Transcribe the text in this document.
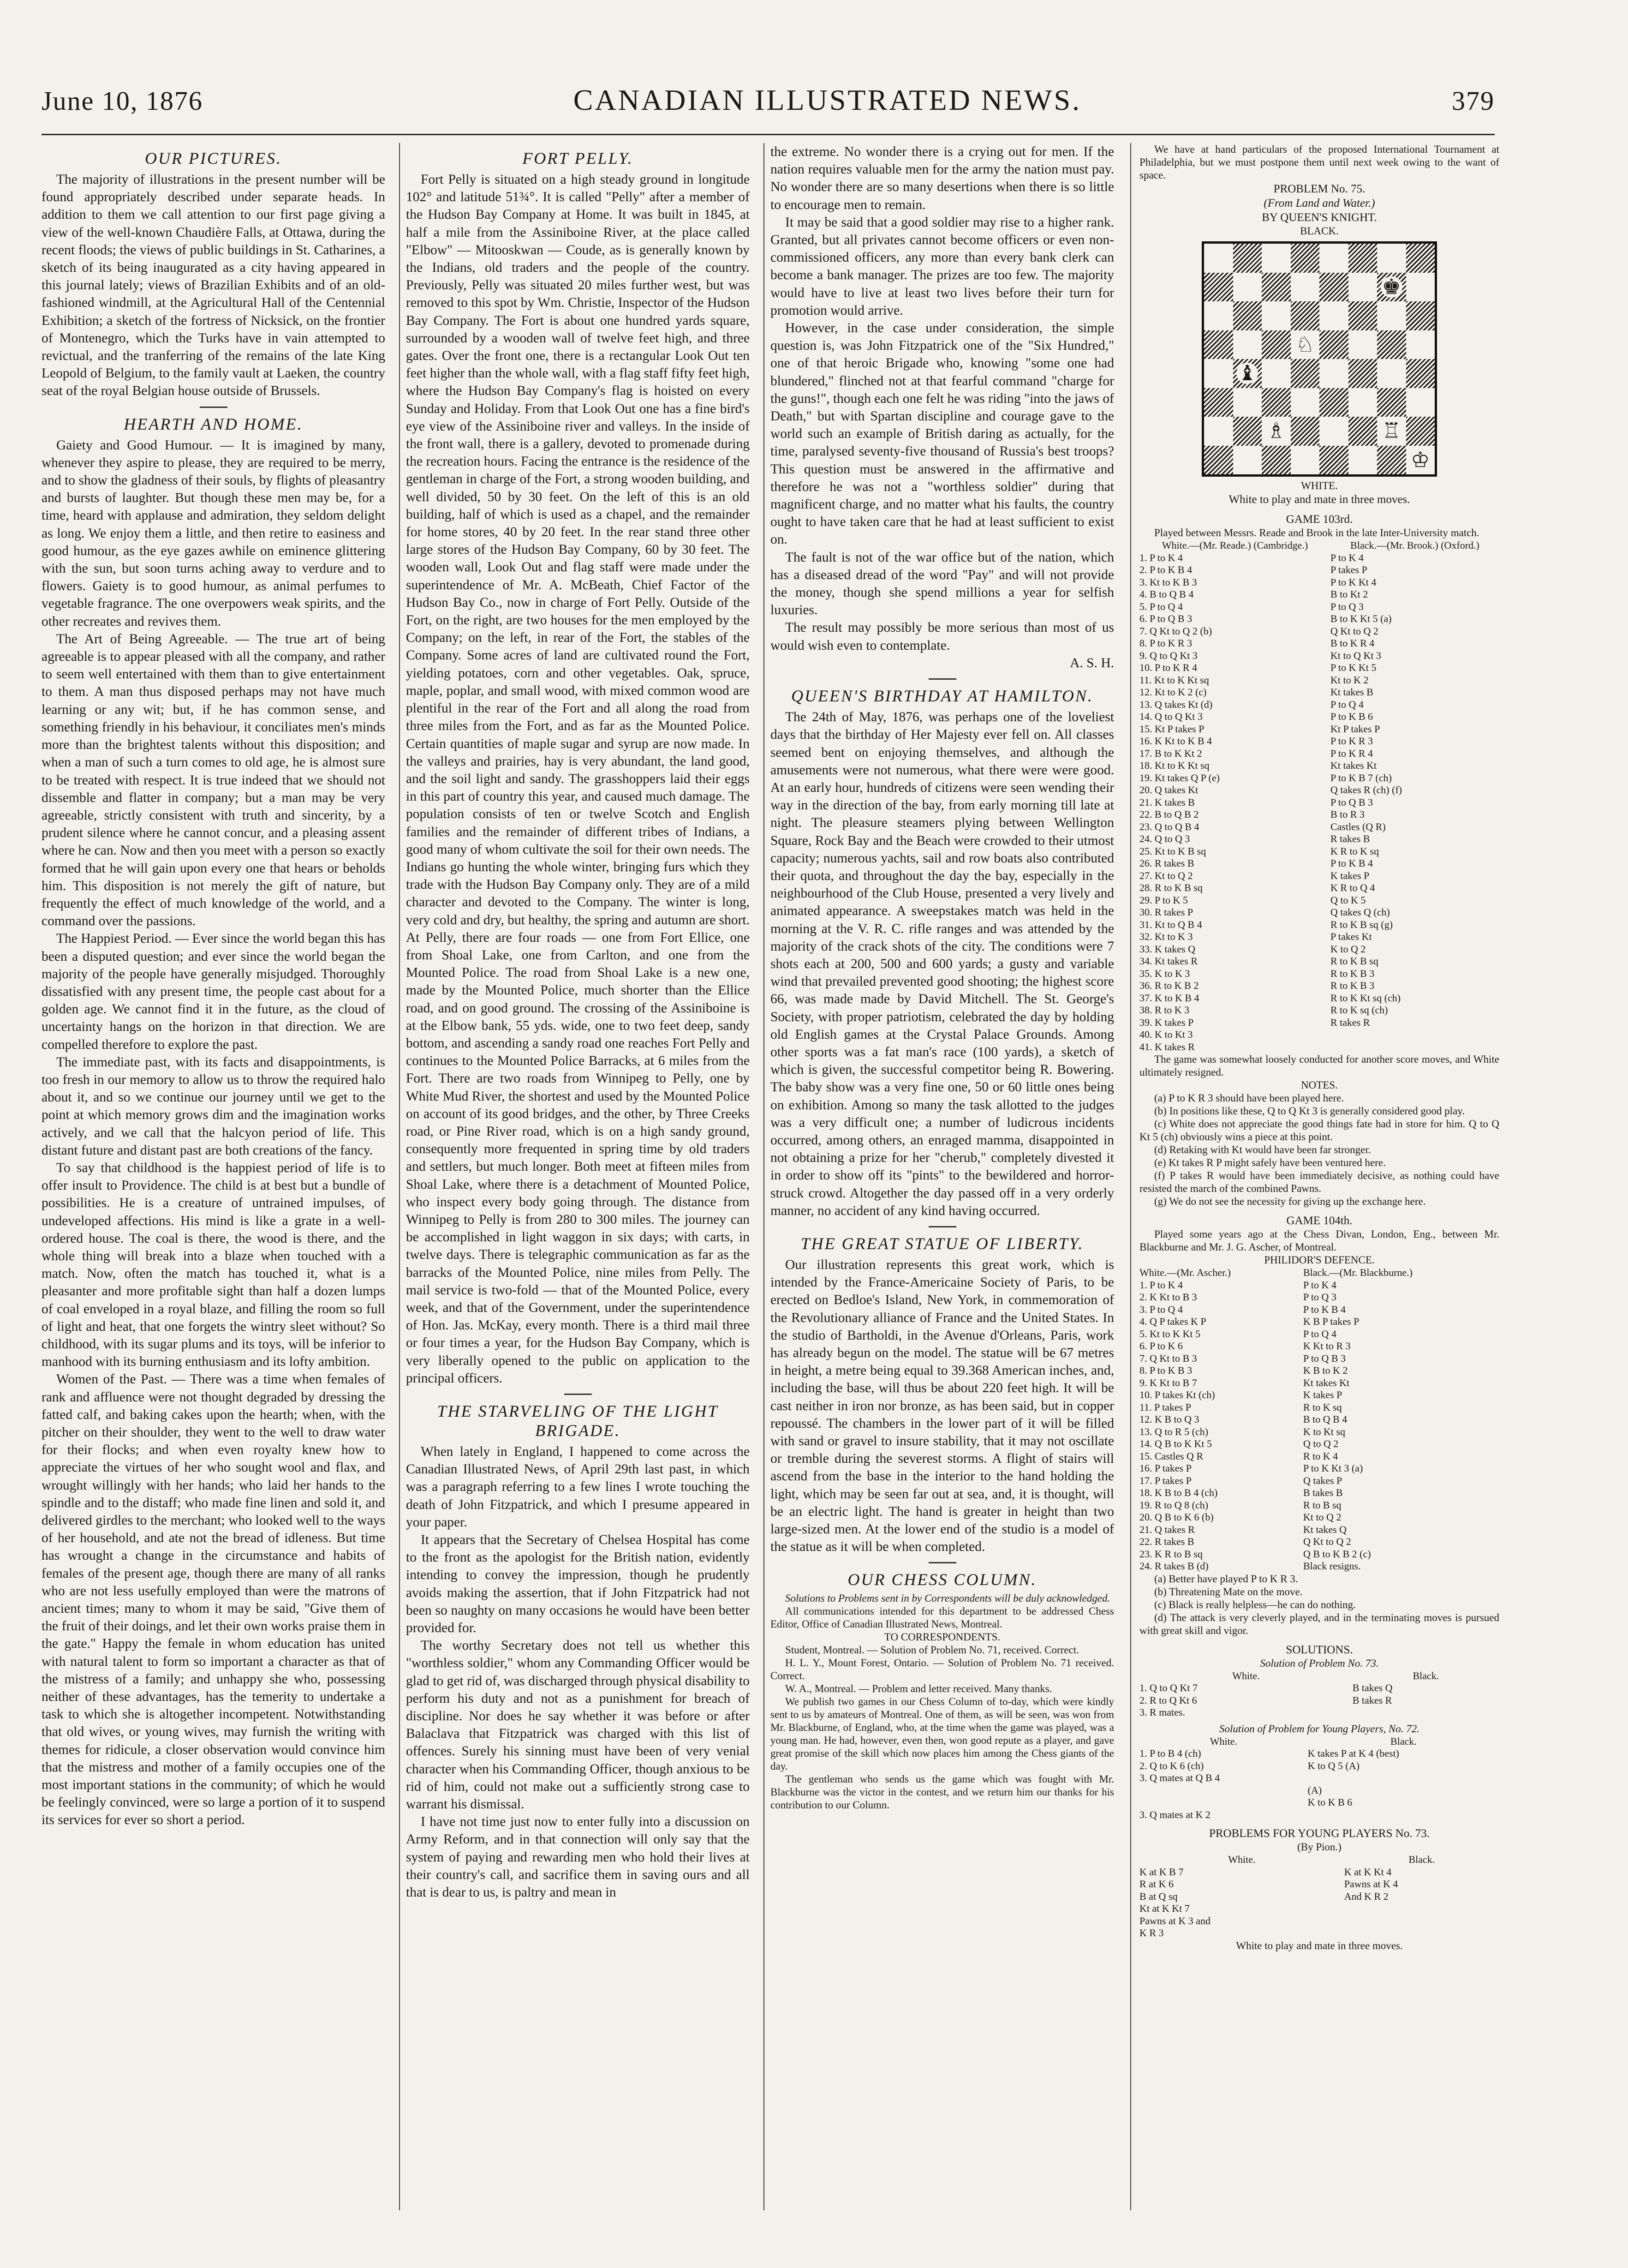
June 10, 1876	CANADIAN ILLUSTRATED NEWS.	379
OUR PICTURES.

The majority of illustrations in the present number will be found appropriately described under separate heads. In addition to them we call attention to our first page giving a view of the well-known Chaudière Falls, at Ottawa, during the recent floods; the views of public buildings in St. Catharines, a sketch of its being inaugurated as a city having appeared in this journal lately; views of Brazilian Exhibits and of an old-fashioned windmill, at the Agricultural Hall of the Centennial Exhibition; a sketch of the fortress of Nicksick, on the frontier of Montenegro, which the Turks have in vain attempted to revictual, and the tranferring of the remains of the late King Leopold of Belgium, to the family vault at Laeken, the country seat of the royal Belgian house outside of Brussels.

HEARTH AND HOME.

Gaiety and Good Humour. — It is imagined by many, whenever they aspire to please, they are required to be merry, and to show the gladness of their souls, by flights of pleasantry and bursts of laughter. But though these men may be, for a time, heard with applause and admiration, they seldom delight as long. We enjoy them a little, and then retire to easiness and good humour, as the eye gazes awhile on eminence glittering with the sun, but soon turns aching away to verdure and to flowers. Gaiety is to good humour, as animal perfumes to vegetable fragrance. The one overpowers weak spirits, and the other recreates and revives them.

The Art of Being Agreeable. — The true art of being agreeable is to appear pleased with all the company, and rather to seem well entertained with them than to give entertainment to them. A man thus disposed perhaps may not have much learning or any wit; but, if he has common sense, and something friendly in his behaviour, it conciliates men's minds more than the brightest talents without this disposition; and when a man of such a turn comes to old age, he is almost sure to be treated with respect. It is true indeed that we should not dissemble and flatter in company; but a man may be very agreeable, strictly consistent with truth and sincerity, by a prudent silence where he cannot concur, and a pleasing assent where he can. Now and then you meet with a person so exactly formed that he will gain upon every one that hears or beholds him. This disposition is not merely the gift of nature, but frequently the effect of much knowledge of the world, and a command over the passions.

The Happiest Period. — Ever since the world began this has been a disputed question; and ever since the world began the majority of the people have generally misjudged. Thoroughly dissatisfied with any present time, the people cast about for a golden age. We cannot find it in the future, as the cloud of uncertainty hangs on the horizon in that direction. We are compelled therefore to explore the past.

The immediate past, with its facts and disappointments, is too fresh in our memory to allow us to throw the required halo about it, and so we continue our journey until we get to the point at which memory grows dim and the imagination works actively, and we call that the halcyon period of life. This distant future and distant past are both creations of the fancy.

To say that childhood is the happiest period of life is to offer insult to Providence. The child is at best but a bundle of possibilities. He is a creature of untrained impulses, of undeveloped affections. His mind is like a grate in a well-ordered house. The coal is there, the wood is there, and the whole thing will break into a blaze when touched with a match. Now, often the match has touched it, what is a pleasanter and more profitable sight than half a dozen lumps of coal enveloped in a royal blaze, and filling the room so full of light and heat, that one forgets the wintry sleet without? So childhood, with its sugar plums and its toys, will be inferior to manhood with its burning enthusiasm and its lofty ambition.

Women of the Past. — There was a time when females of rank and affluence were not thought degraded by dressing the fatted calf, and baking cakes upon the hearth; when, with the pitcher on their shoulder, they went to the well to draw water for their flocks; and when even royalty knew how to appreciate the virtues of her who sought wool and flax, and wrought willingly with her hands; who laid her hands to the spindle and to the distaff; who made fine linen and sold it, and delivered girdles to the merchant; who looked well to the ways of her household, and ate not the bread of idleness. But time has wrought a change in the circumstance and habits of females of the present age, though there are many of all ranks who are not less usefully employed than were the matrons of ancient times; many to whom it may be said, "Give them of the fruit of their doings, and let their own works praise them in the gate." Happy the female in whom education has united with natural talent to form so important a character as that of the mistress of a family; and unhappy she who, possessing neither of these advantages, has the temerity to undertake a task to which she is altogether incompetent. Notwithstanding that old wives, or young wives, may furnish the writing with themes for ridicule, a closer observation would convince him that the mistress and mother of a family occupies one of the most important stations in the community; of which he would be feelingly convinced, were so large a portion of it to suspend its services for ever so short a period.

FORT PELLY.

Fort Pelly is situated on a high steady ground in longitude 102° and latitude 51¾°. It is called "Pelly" after a member of the Hudson Bay Company at Home. It was built in 1845, at half a mile from the Assiniboine River, at the place called "Elbow" — Mitooskwan — Coude, as is generally known by the Indians, old traders and the people of the country. Previously, Pelly was situated 20 miles further west, but was removed to this spot by Wm. Christie, Inspector of the Hudson Bay Company. The Fort is about one hundred yards square, surrounded by a wooden wall of twelve feet high, and three gates. Over the front one, there is a rectangular Look Out ten feet higher than the whole wall, with a flag staff fifty feet high, where the Hudson Bay Company's flag is hoisted on every Sunday and Holiday. From that Look Out one has a fine bird's eye view of the Assiniboine river and valleys. In the inside of the front wall, there is a gallery, devoted to promenade during the recreation hours. Facing the entrance is the residence of the gentleman in charge of the Fort, a strong wooden building, and well divided, 50 by 30 feet. On the left of this is an old building, half of which is used as a chapel, and the remainder for home stores, 40 by 20 feet. In the rear stand three other large stores of the Hudson Bay Company, 60 by 30 feet. The wooden wall, Look Out and flag staff were made under the superintendence of Mr. A. McBeath, Chief Factor of the Hudson Bay Co., now in charge of Fort Pelly. Outside of the Fort, on the right, are two houses for the men employed by the Company; on the left, in rear of the Fort, the stables of the Company. Some acres of land are cultivated round the Fort, yielding potatoes, corn and other vegetables. Oak, spruce, maple, poplar, and small wood, with mixed common wood are plentiful in the rear of the Fort and all along the road from three miles from the Fort, and as far as the Mounted Police. Certain quantities of maple sugar and syrup are now made. In the valleys and prairies, hay is very abundant, the land good, and the soil light and sandy. The grasshoppers laid their eggs in this part of country this year, and caused much damage. The population consists of ten or twelve Scotch and English families and the remainder of different tribes of Indians, a good many of whom cultivate the soil for their own needs. The Indians go hunting the whole winter, bringing furs which they trade with the Hudson Bay Company only. They are of a mild character and devoted to the Company. The winter is long, very cold and dry, but healthy, the spring and autumn are short. At Pelly, there are four roads — one from Fort Ellice, one from Shoal Lake, one from Carlton, and one from the Mounted Police. The road from Shoal Lake is a new one, made by the Mounted Police, much shorter than the Ellice road, and on good ground. The crossing of the Assiniboine is at the Elbow bank, 55 yds. wide, one to two feet deep, sandy bottom, and ascending a sandy road one reaches Fort Pelly and continues to the Mounted Police Barracks, at 6 miles from the Fort. There are two roads from Winnipeg to Pelly, one by White Mud River, the shortest and used by the Mounted Police on account of its good bridges, and the other, by Three Creeks road, or Pine River road, which is on a high sandy ground, consequently more frequented in spring time by old traders and settlers, but much longer. Both meet at fifteen miles from Shoal Lake, where there is a detachment of Mounted Police, who inspect every body going through. The distance from Winnipeg to Pelly is from 280 to 300 miles. The journey can be accomplished in light waggon in six days; with carts, in twelve days. There is telegraphic communication as far as the barracks of the Mounted Police, nine miles from Pelly. The mail service is two-fold — that of the Mounted Police, every week, and that of the Government, under the superintendence of Hon. Jas. McKay, every month. There is a third mail three or four times a year, for the Hudson Bay Company, which is very liberally opened to the public on application to the principal officers.

THE STARVELING OF THE LIGHT BRIGADE.

When lately in England, I happened to come across the Canadian Illustrated News, of April 29th last past, in which was a paragraph referring to a few lines I wrote touching the death of John Fitzpatrick, and which I presume appeared in your paper.

It appears that the Secretary of Chelsea Hospital has come to the front as the apologist for the British nation, evidently intending to convey the impression, though he prudently avoids making the assertion, that if John Fitzpatrick had not been so naughty on many occasions he would have been better provided for.

The worthy Secretary does not tell us whether this "worthless soldier," whom any Commanding Officer would be glad to get rid of, was discharged through physical disability to perform his duty and not as a punishment for breach of discipline. Nor does he say whether it was before or after Balaclava that Fitzpatrick was charged with this list of offences. Surely his sinning must have been of very venial character when his Commanding Officer, though anxious to be rid of him, could not make out a sufficiently strong case to warrant his dismissal.

I have not time just now to enter fully into a discussion on Army Reform, and in that connection will only say that the system of paying and rewarding men who hold their lives at their country's call, and sacrifice them in saving ours and all that is dear to us, is paltry and mean in

the extreme. No wonder there is a crying out for men. If the nation requires valuable men for the army the nation must pay. No wonder there are so many desertions when there is so little to encourage men to remain.

It may be said that a good soldier may rise to a higher rank. Granted, but all privates cannot become officers or even non-commissioned officers, any more than every bank clerk can become a bank manager. The prizes are too few. The majority would have to live at least two lives before their turn for promotion would arrive.

However, in the case under consideration, the simple question is, was John Fitzpatrick one of the "Six Hundred," one of that heroic Brigade who, knowing "some one had blundered," flinched not at that fearful command "charge for the guns!", though each one felt he was riding "into the jaws of Death," but with Spartan discipline and courage gave to the world such an example of British daring as actually, for the time, paralysed seventy-five thousand of Russia's best troops? This question must be answered in the affirmative and therefore he was not a "worthless soldier" during that magnificent charge, and no matter what his faults, the country ought to have taken care that he had at least sufficient to exist on.

The fault is not of the war office but of the nation, which has a diseased dread of the word "Pay" and will not provide the money, though she spend millions a year for selfish luxuries.

The result may possibly be more serious than most of us would wish even to contemplate.

A. S. H.
QUEEN'S BIRTHDAY AT HAMILTON.

The 24th of May, 1876, was perhaps one of the loveliest days that the birthday of Her Majesty ever fell on. All classes seemed bent on enjoying themselves, and although the amusements were not numerous, what there were were good. At an early hour, hundreds of citizens were seen wending their way in the direction of the bay, from early morning till late at night. The pleasure steamers plying between Wellington Square, Rock Bay and the Beach were crowded to their utmost capacity; numerous yachts, sail and row boats also contributed their quota, and throughout the day the bay, especially in the neighbourhood of the Club House, presented a very lively and animated appearance. A sweepstakes match was held in the morning at the V. R. C. rifle ranges and was attended by the majority of the crack shots of the city. The conditions were 7 shots each at 200, 500 and 600 yards; a gusty and variable wind that prevailed prevented good shooting; the highest score 66, was made made by David Mitchell. The St. George's Society, with proper patriotism, celebrated the day by holding old English games at the Crystal Palace Grounds. Among other sports was a fat man's race (100 yards), a sketch of which is given, the successful competitor being R. Bowering. The baby show was a very fine one, 50 or 60 little ones being on exhibition. Among so many the task allotted to the judges was a very difficult one; a number of ludicrous incidents occurred, among others, an enraged mamma, disappointed in not obtaining a prize for her "cherub," completely divested it in order to show off its "pints" to the bewildered and horror-struck crowd. Altogether the day passed off in a very orderly manner, no accident of any kind having occurred.

THE GREAT STATUE OF LIBERTY.

Our illustration represents this great work, which is intended by the France-Americaine Society of Paris, to be erected on Bedloe's Island, New York, in commemoration of the Revolutionary alliance of France and the United States. In the studio of Bartholdi, in the Avenue d'Orleans, Paris, work has already begun on the model. The statue will be 67 metres in height, a metre being equal to 39.368 American inches, and, including the base, will thus be about 220 feet high. It will be cast neither in iron nor bronze, as has been said, but in copper repoussé. The chambers in the lower part of it will be filled with sand or gravel to insure stability, that it may not oscillate or tremble during the severest storms. A flight of stairs will ascend from the base in the interior to the hand holding the light, which may be seen far out at sea, and, it is thought, will be an electric light. The hand is greater in height than two large-sized men. At the lower end of the studio is a model of the statue as it will be when completed.

OUR CHESS COLUMN.

Solutions to Problems sent in by Correspondents will be duly acknowledged.

All communications intended for this department to be addressed Chess Editor, Office of Canadian Illustrated News, Montreal.

TO CORRESPONDENTS.

Student, Montreal. — Solution of Problem No. 71, received. Correct.

H. L. Y., Mount Forest, Ontario. — Solution of Problem No. 71 received. Correct.

W. A., Montreal. — Problem and letter received. Many thanks.

We publish two games in our Chess Column of to-day, which were kindly sent to us by amateurs of Montreal. One of them, as will be seen, was won from Mr. Blackburne, of England, who, at the time when the game was played, was a young man. He had, however, even then, won good repute as a player, and gave great promise of the skill which now places him among the Chess giants of the day.

The gentleman who sends us the game which was fought with Mr. Blackburne was the victor in the contest, and we return him our thanks for his contribution to our Column.

We have at hand particulars of the proposed International Tournament at Philadelphia, but we must postpone them until next week owing to the want of space.

PROBLEM No. 75.
(From Land and Water.)
BY QUEEN'S KNIGHT.
BLACK.
♚
♘
♝
♗	♖
♔
WHITE.
White to play and mate in three moves.
GAME 103rd.

Played between Messrs. Reade and Brook in the late Inter-University match.

White.—(Mr. Reade.) (Cambridge.)	Black.—(Mr. Brook.) (Oxford.)
1. P to K 4	P to K 4
2. P to K B 4	P takes P
3. Kt to K B 3	P to K Kt 4
4. B to Q B 4	B to Kt 2
5. P to Q 4	P to Q 3
6. P to Q B 3	B to K Kt 5 (a)
7. Q Kt to Q 2 (b)	Q Kt to Q 2
8. P to K R 3	B to K R 4
9. Q to Q Kt 3	Kt to Q Kt 3
10. P to K R 4	P to K Kt 5
11. Kt to K Kt sq	Kt to K 2
12. Kt to K 2 (c)	Kt takes B
13. Q takes Kt (d)	P to Q 4
14. Q to Q Kt 3	P to K B 6
15. Kt P takes P	Kt P takes P
16. K Kt to K B 4	P to K R 3
17. B to K Kt 2	P to K R 4
18. Kt to K Kt sq	Kt takes Kt
19. Kt takes Q P (e)	P to K B 7 (ch)
20. Q takes Kt	Q takes R (ch) (f)
21. K takes B	P to Q B 3
22. B to Q B 2	B to R 3
23. Q to Q B 4	Castles (Q R)
24. Q to Q 3	R takes B
25. Kt to K B sq	K R to K sq
26. R takes B	P to K B 4
27. Kt to Q 2	K takes P
28. R to K B sq	K R to Q 4
29. P to K 5	Q to K 5
30. R takes P	Q takes Q (ch)
31. Kt to Q B 4	R to K B sq (g)
32. Kt to K 3	P takes Kt
33. K takes Q	K to Q 2
34. Kt takes R	R to K B sq
35. K to K 3	R to K B 3
36. R to K B 2	R to K B 3
37. K to K B 4	R to K Kt sq (ch)
38. R to K 3	R to K sq (ch)
39. K takes P	R takes R
40. K to Kt 3	
41. K takes R	

The game was somewhat loosely conducted for another score moves, and White ultimately resigned.

NOTES.

(a) P to K R 3 should have been played here.

(b) In positions like these, Q to Q Kt 3 is generally considered good play.

(c) White does not appreciate the good things fate had in store for him. Q to Q Kt 5 (ch) obviously wins a piece at this point.

(d) Retaking with Kt would have been far stronger.

(e) Kt takes R P might safely have been ventured here.

(f) P takes R would have been immediately decisive, as nothing could have resisted the march of the combined Pawns.

(g) We do not see the necessity for giving up the exchange here.

GAME 104th.

Played some years ago at the Chess Divan, London, Eng., between Mr. Blackburne and Mr. J. G. Ascher, of Montreal.

PHILIDOR'S DEFENCE.
White.—(Mr. Ascher.)	Black.—(Mr. Blackburne.)
1. P to K 4	P to K 4
2. K Kt to B 3	P to Q 3
3. P to Q 4	P to K B 4
4. Q P takes K P	K B P takes P
5. Kt to K Kt 5	P to Q 4
6. P to K 6	K Kt to R 3
7. Q Kt to B 3	P to Q B 3
8. P to K B 3	K B to K 2
9. K Kt to B 7	Kt takes Kt
10. P takes Kt (ch)	K takes P
11. P takes P	R to K sq
12. K B to Q 3	B to Q B 4
13. Q to R 5 (ch)	K to Kt sq
14. Q B to K Kt 5	Q to Q 2
15. Castles Q R	R to K 4
16. P takes P	P to K Kt 3 (a)
17. P takes P	Q takes P
18. K B to B 4 (ch)	B takes B
19. R to Q 8 (ch)	R to B sq
20. Q B to K 6 (b)	Kt to Q 2
21. Q takes R	Kt takes Q
22. R takes B	Q Kt to Q 2
23. K R to B sq	Q B to K B 2 (c)
24. R takes B (d)	Black resigns.

(a) Better have played P to K R 3.

(b) Threatening Mate on the move.

(c) Black is really helpless—he can do nothing.

(d) The attack is very cleverly played, and in the terminating moves is pursued with great skill and vigor.

SOLUTIONS.
Solution of Problem No. 73.
White.	Black.
1. Q to Q Kt 7	B takes Q
2. R to Q Kt 6	B takes R
3. R mates.	
Solution of Problem for Young Players, No. 72.
White.	Black.
1. P to B 4 (ch)	K takes P at K 4 (best)
2. Q to K 6 (ch)	K to Q 5 (A)
3. Q mates at Q B 4	
	(A)
	K to K B 6
3. Q mates at K 2	
PROBLEMS FOR YOUNG PLAYERS No. 73.
(By Pion.)
White.	Black.
K at K B 7	K at K Kt 4
R at K 6	Pawns at K 4
B at Q sq	And K R 2
Kt at K Kt 7	
Pawns at K 3 and	
K R 3	
White to play and mate in three moves.
